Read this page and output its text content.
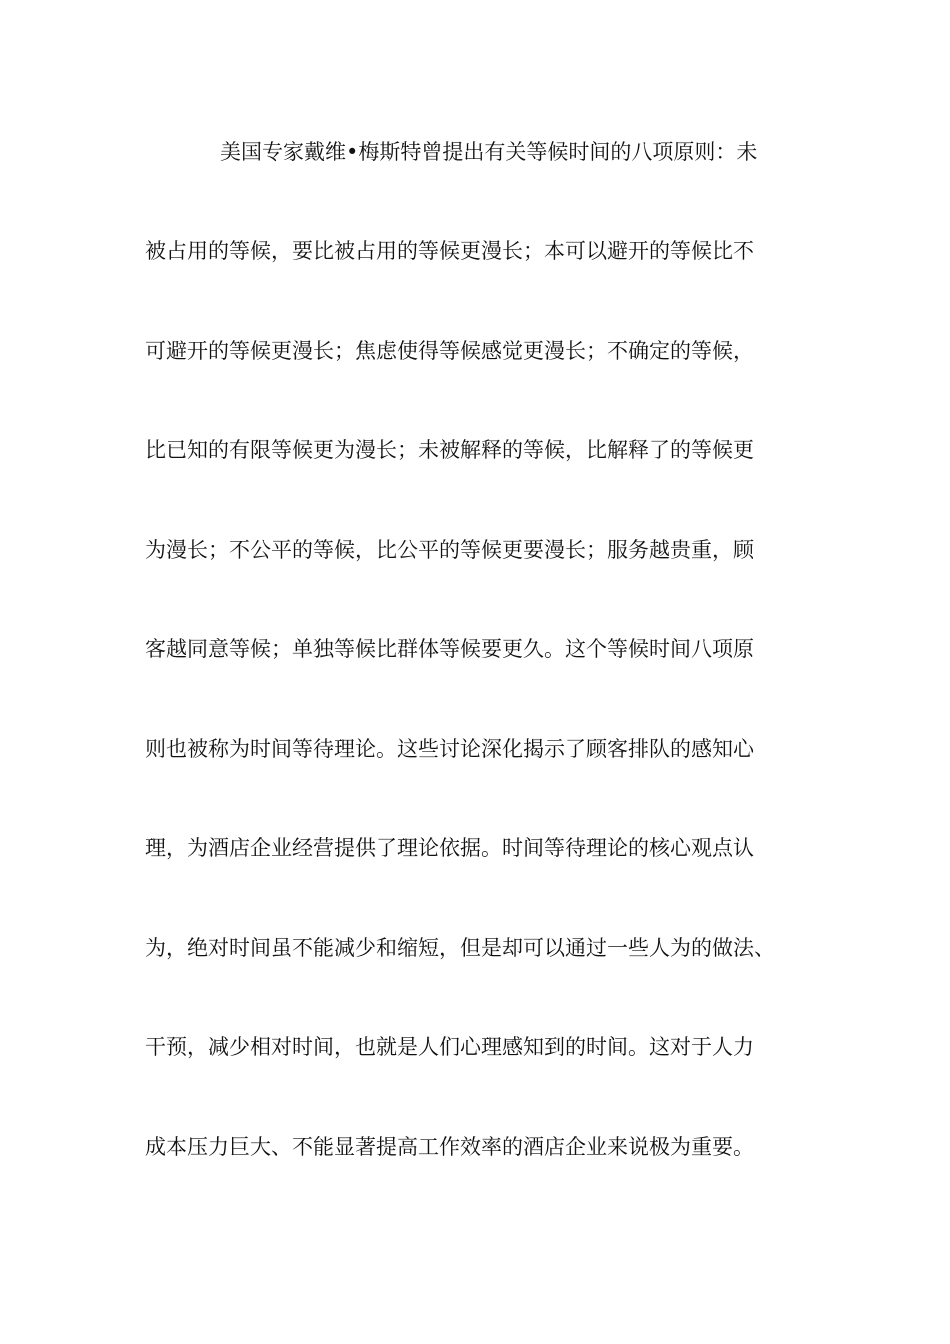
美国专家戴维•梅斯特曾提出有关等候时间的八项原则：未
被占用的等候，要比被占用的等候更漫长；本可以避开的等候比不
可避开的等候更漫长；焦虑使得等候感觉更漫长；不确定的等候，
比已知的有限等候更为漫长；未被解释的等候，比解释了的等候更
为漫长；不公平的等候，比公平的等候更要漫长；服务越贵重，顾
客越同意等候；单独等候比群体等候要更久。这个等候时间八项原
则也被称为时间等待理论。这些讨论深化揭示了顾客排队的感知心
理，为酒店企业经营提供了理论依据。时间等待理论的核心观点认
为，绝对时间虽不能减少和缩短，但是却可以通过一些人为的做法、
干预，减少相对时间，也就是人们心理感知到的时间。这对于人力
成本压力巨大、不能显著提高工作效率的酒店企业来说极为重要。
